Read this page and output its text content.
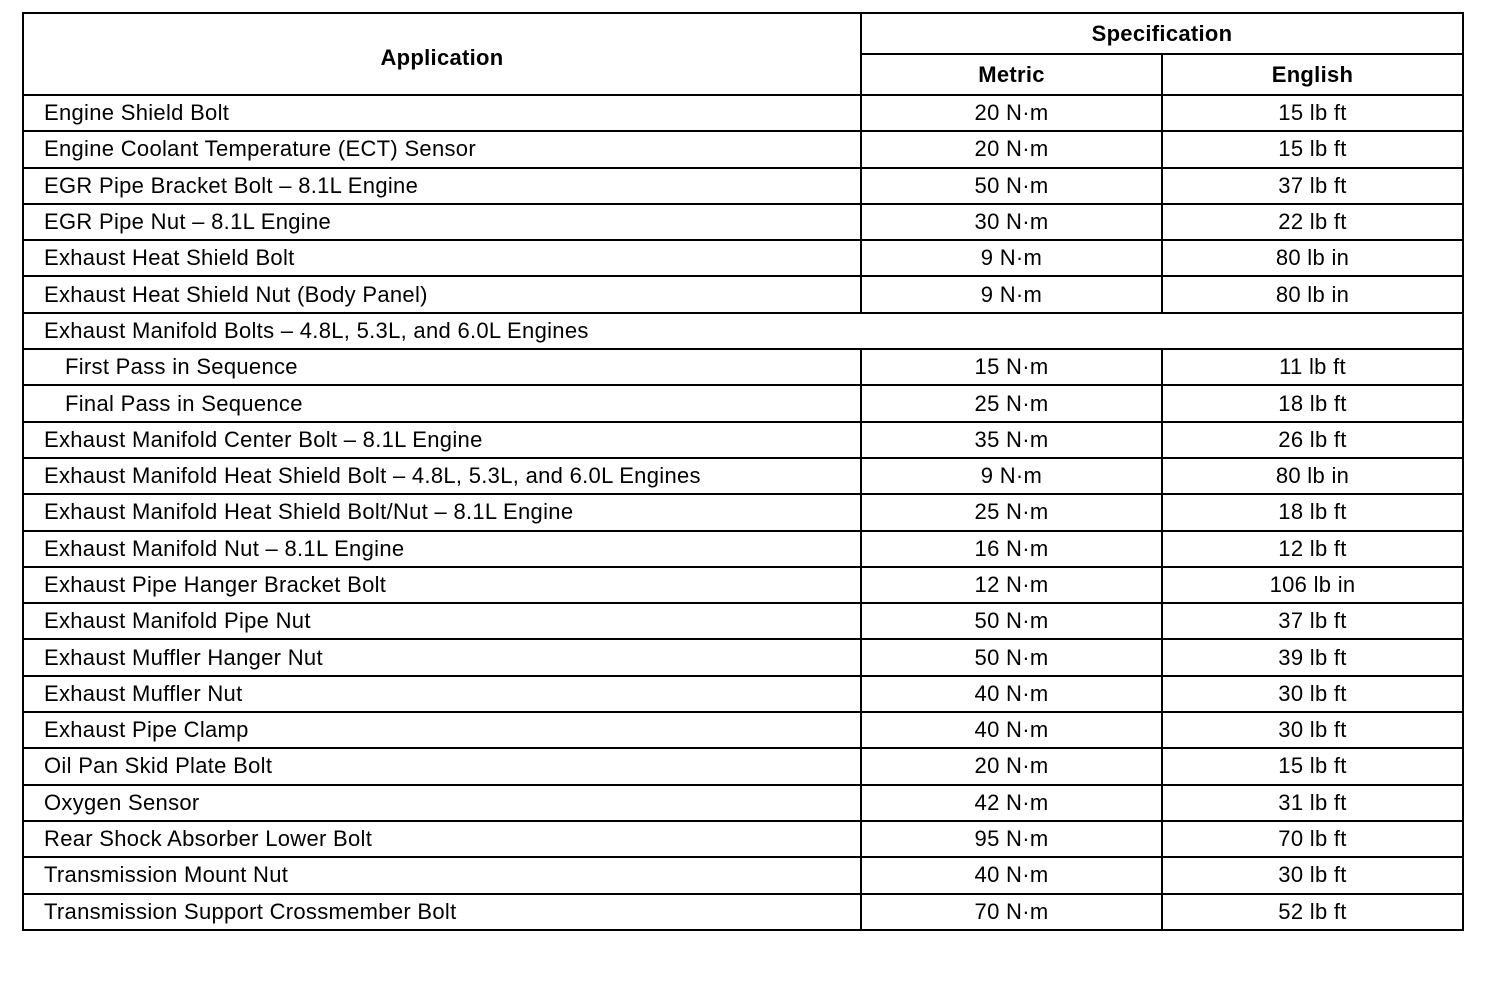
Application	Specification	
	Metric	English
Engine Shield Bolt	20 N·m	15 lb ft
Engine Coolant Temperature (ECT) Sensor	20 N·m	15 lb ft
EGR Pipe Bracket Bolt – 8.1L Engine	50 N·m	37 lb ft
EGR Pipe Nut – 8.1L Engine	30 N·m	22 lb ft
Exhaust Heat Shield Bolt	9 N·m	80 lb in
Exhaust Heat Shield Nut (Body Panel)	9 N·m	80 lb in
Exhaust Manifold Bolts – 4.8L, 5.3L, and 6.0L Engines		
First Pass in Sequence	15 N·m	11 lb ft
Final Pass in Sequence	25 N·m	18 lb ft
Exhaust Manifold Center Bolt – 8.1L Engine	35 N·m	26 lb ft
Exhaust Manifold Heat Shield Bolt – 4.8L, 5.3L, and 6.0L Engines	9 N·m	80 lb in
Exhaust Manifold Heat Shield Bolt/Nut – 8.1L Engine	25 N·m	18 lb ft
Exhaust Manifold Nut – 8.1L Engine	16 N·m	12 lb ft
Exhaust Pipe Hanger Bracket Bolt	12 N·m	106 lb in
Exhaust Manifold Pipe Nut	50 N·m	37 lb ft
Exhaust Muffler Hanger Nut	50 N·m	39 lb ft
Exhaust Muffler Nut	40 N·m	30 lb ft
Exhaust Pipe Clamp	40 N·m	30 lb ft
Oil Pan Skid Plate Bolt	20 N·m	15 lb ft
Oxygen Sensor	42 N·m	31 lb ft
Rear Shock Absorber Lower Bolt	95 N·m	70 lb ft
Transmission Mount Nut	40 N·m	30 lb ft
Transmission Support Crossmember Bolt	70 N·m	52 lb ft
